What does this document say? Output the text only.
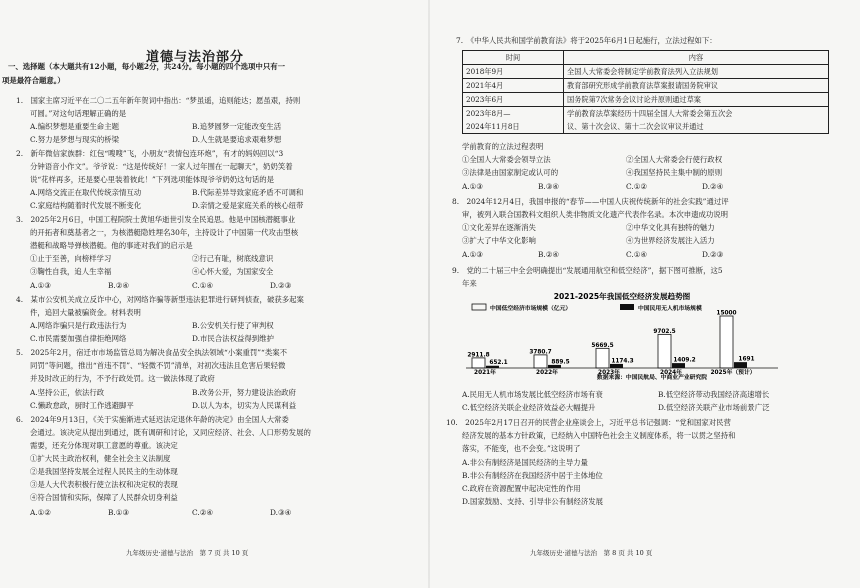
道德与法治部分
一、选择题（本大题共有12小题，每小题2分，共24分。每小题的四个选项中只有一
项是最符合题意。）
1.　国家主席习近平在二〇二五年新年贺词中指出：“梦虽遥，追则能达；愿虽艰，持则
可圆。”对这句话理解正确的是
A.编织梦想是重要生命主题	B.追梦圆梦一定能改变生活
C.努力是梦想与现实的桥梁	D.人生就是要追求艰难梦想
2.　新年微信家族群：红包“嗖嗖”飞，小朋友“表情包连环炮”，有才的妈妈回以“3
分钟语音小作文”。爷爷说：“这是传统好！一家人过年围在一起聊天”，奶奶笑着
说“花样再多，还是要心里装着彼此！”下列选项能体现爷爷奶奶这句话的是
A.网络交流正在取代传统亲情互动	B.代际差异导致家庭矛盾不可调和
C.家庭结构随着时代发展不断变化	D.亲情之爱是家庭关系的核心纽带
3.　2025年2月6日，中国工程院院士黄旭华逝世引发全民追思。他是中国核潜艇事业
的开拓者和奠基者之一，为核潜艇隐姓埋名30年，主持设计了中国第一代攻击型核
潜艇和战略导弹核潜艇。他的事迹对我们的启示是
①止于至善，向榜样学习	②行己有耻，树底线意识
③鞠性自我，追人生幸福	④心怀大爱，为国家安全
A.①③	B.②④	C.①④	D.②③
4.　某市公安机关成立反诈中心，对网络诈骗等新型违法犯罪进行研判侦查，破获多起案
件，追回大量被骗资金。材料表明
A.网络诈骗只是行政违法行为	B.公安机关行使了审判权
C.市民需要加强自律拒绝网络	D.市民合法权益得到维护
5.　2025年2月，宿迁市市场监管总局为解决食品安全执法领域“小案重罚”“类案不
同罚”等问题，推出“首违不罚”、“轻微不罚”清单，对初次违法且危害后果轻微
并及时改正的行为，不予行政处罚。这一做法体现了政府
A.坚持公正，依法行政	B.改务公开，努力建设法治政府
C.懒政怠政，厨时工作逃避脚平	D.以人为本，切实为人民谋利益
6.　2024年9月13日，《关于实施渐进式延迟法定退休年龄的决定》由全国人大常委
会通过。该决定从提出到通过，既有调研和讨论，又同应经济、社会、人口形势发展的
需要，还充分体现对职工意愿的尊重。该决定
①扩大民主政治权利，健全社会主义法制度
②是我国坚持发展全过程人民民主的生动体现
③是人大代表积极行使立法权和决定权的表现
④符合国情和实际，保障了人民群众切身利益
A.①②	B.①③	C.②④	D.③④
九年级历史·道德与法治　第 7 页 共 10 页
7.　《中华人民共和国学前教育法》将于2025年6月1日起施行，立法过程如下：
时间	内容
2018年9月	全国人大常委会将制定学前教育法列入立法规划
2021年4月	教育部研究形成学前教育法草案报请国务院审议
2023年6月	国务院第7次常务会议讨论并原则通过草案
2023年8月—	学前教育法草案经历十四届全国人大常委会第五次会
2024年11月8日	议、第十次会议、第十二次会议审议并通过
学前教育的立法过程表明
①全国人大常委会领导立法	②全国人大常委会行使行政权
③法律是由国家制定或认可的	④我国坚持民主集中制的原则
A.①③	B.③④	C.①②	D.②④
8.　2024年12月4日，我国申报的“春节——中国人庆祝传统新年的社会实践”通过评
审，被列入联合国教科文组织人类非物质文化遗产代表作名录。本次申遗成功说明
①文化差异在逐渐消失	②中华文化具有独特的魅力
③扩大了中华文化影响	④为世界经济发展注入活力
A.①③	B.②④	C.①④	D.②③
9.　党的二十届三中全会明确提出“发展通用航空和低空经济”，据下图可推断，这5
年来
2021-2025年我国低空经济发展趋势图
中国低空经济市场规模（亿元）	中国民用无人机市场规模
2911.8
652.1
2021年
3780.7
889.5
2022年
5669.5
1174.3
2023年
9702.5
1409.2
2024年
15000
1691
2025年（预计）
数据来源：中国民航局、中商业产业研究院
A.民用无人机市场发展比低空经济市场有衰	B.低空经济带动我国经济高速增长
C.低空经济关联企业经济效益必大幅提升	D.低空经济关联产业市场前景广泛
10.　2025年2月17日召开的民营企业座谈会上，习近平总书记强调：“党和国家对民营
经济发展的基本方针政策，已经纳入中国特色社会主义制度体系，将一以贯之坚持和
落实，不能变，也不会变。”这说明了
A.非公有制经济是国民经济的主导力量
B.非公有制经济在我国经济中居于主体地位
C.政府在资源配置中起决定性的作用
D.国家鼓励、支持、引导非公有制经济发展
九年级历史·道德与法治　第 8 页 共 10 页
